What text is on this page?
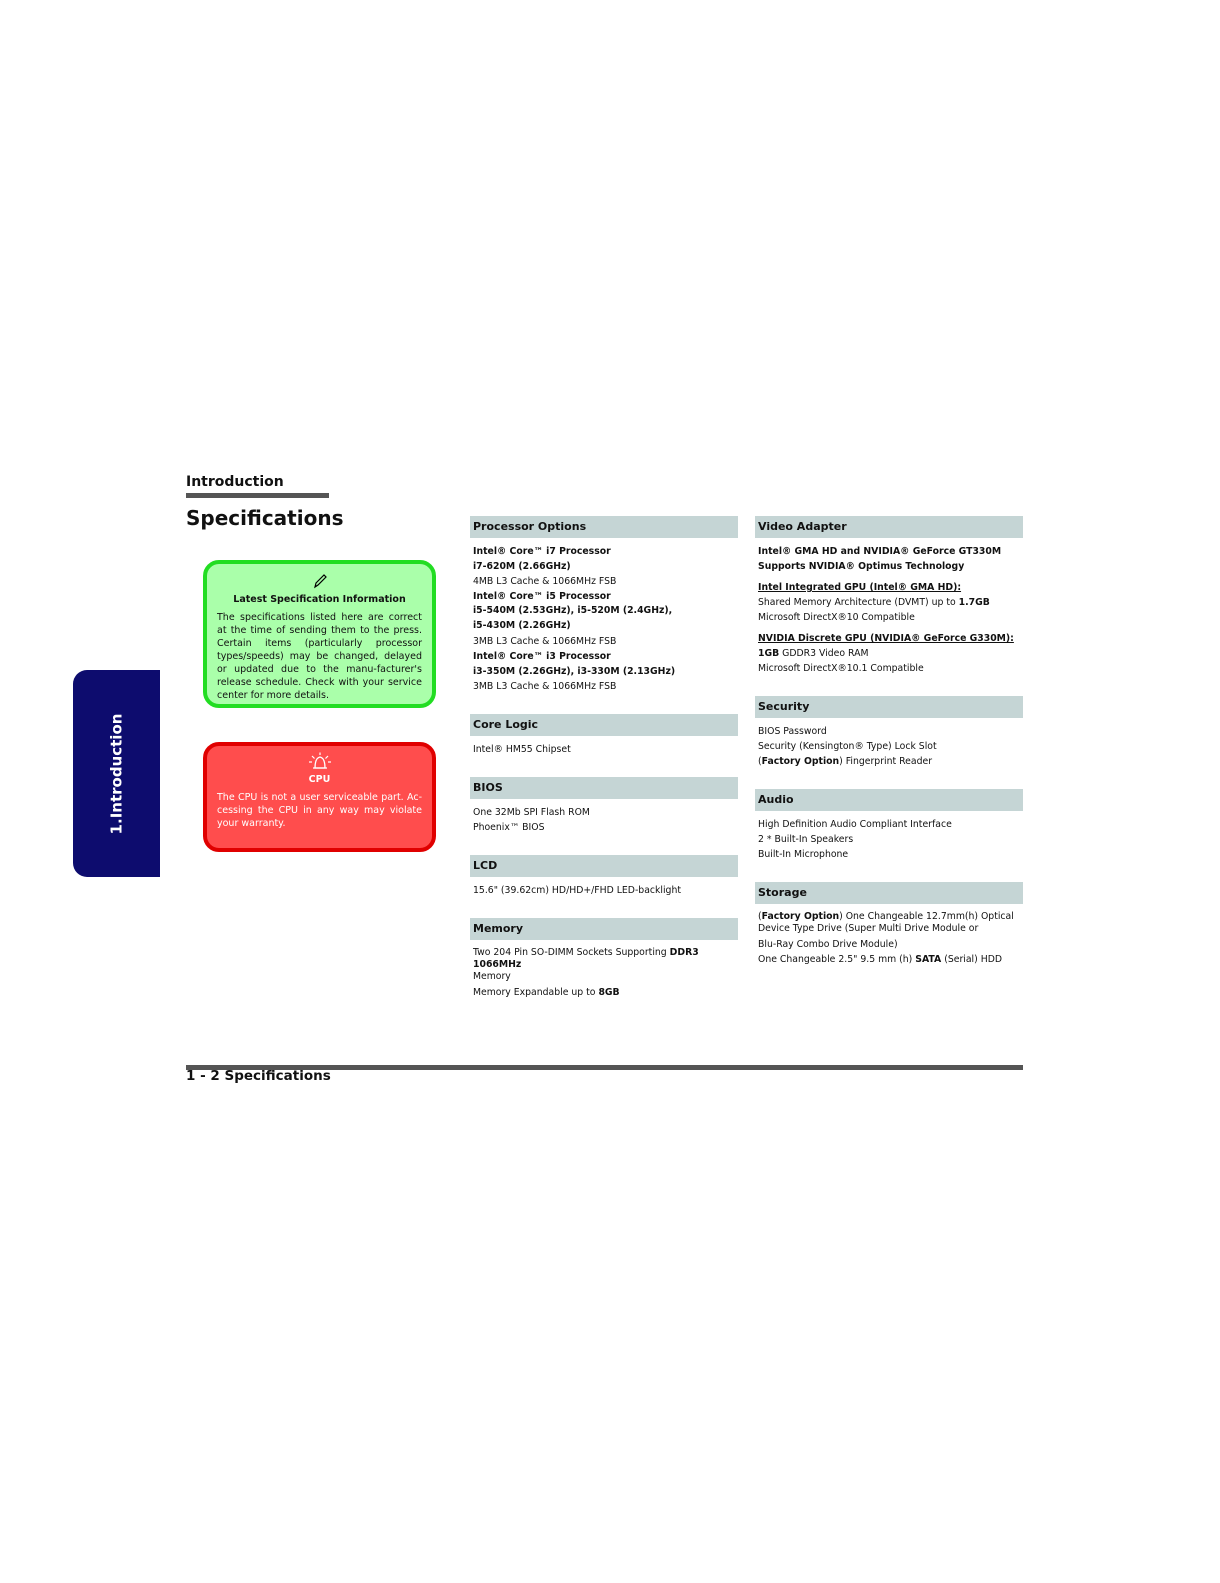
Introduction
Specifications
1.Introduction
Latest Specification Information
The specifications listed here are correct at the time of sending them to the press. Certain items (particularly processor types/speeds) may be changed, delayed or updated due to the manu-facturer's release schedule. Check with your service center for more details.
CPU
The CPU is not a user serviceable part. Ac-cessing the CPU in any way may violate your warranty.
Processor Options
Intel® Core™ i7 Processor
i7-620M (2.66GHz)
4MB L3 Cache & 1066MHz FSB
Intel® Core™ i5 Processor
i5-540M (2.53GHz), i5-520M (2.4GHz),
i5-430M (2.26GHz)
3MB L3 Cache & 1066MHz FSB
Intel® Core™ i3 Processor
i3-350M (2.26GHz), i3-330M (2.13GHz)
3MB L3 Cache & 1066MHz FSB
Core Logic
Intel® HM55 Chipset
BIOS
One 32Mb SPI Flash ROM
Phoenix™ BIOS
LCD
15.6" (39.62cm) HD/HD+/FHD LED-backlight
Memory
Two 204 Pin SO-DIMM Sockets Supporting DDR3 1066MHz
Memory
Memory Expandable up to 8GB
Video Adapter
Intel® GMA HD and NVIDIA® GeForce GT330M
Supports NVIDIA® Optimus Technology
Intel Integrated GPU (Intel® GMA HD):
Shared Memory Architecture (DVMT) up to 1.7GB
Microsoft DirectX®10 Compatible
NVIDIA Discrete GPU (NVIDIA® GeForce G330M):
1GB GDDR3 Video RAM
Microsoft DirectX®10.1 Compatible
Security
BIOS Password
Security (Kensington® Type) Lock Slot
(Factory Option) Fingerprint Reader
Audio
High Definition Audio Compliant Interface
2 * Built-In Speakers
Built-In Microphone
Storage
(Factory Option) One Changeable 12.7mm(h) Optical
Device Type Drive (Super Multi Drive Module or
Blu-Ray Combo Drive Module)
One Changeable 2.5" 9.5 mm (h) SATA (Serial) HDD
1 - 2 Specifications
